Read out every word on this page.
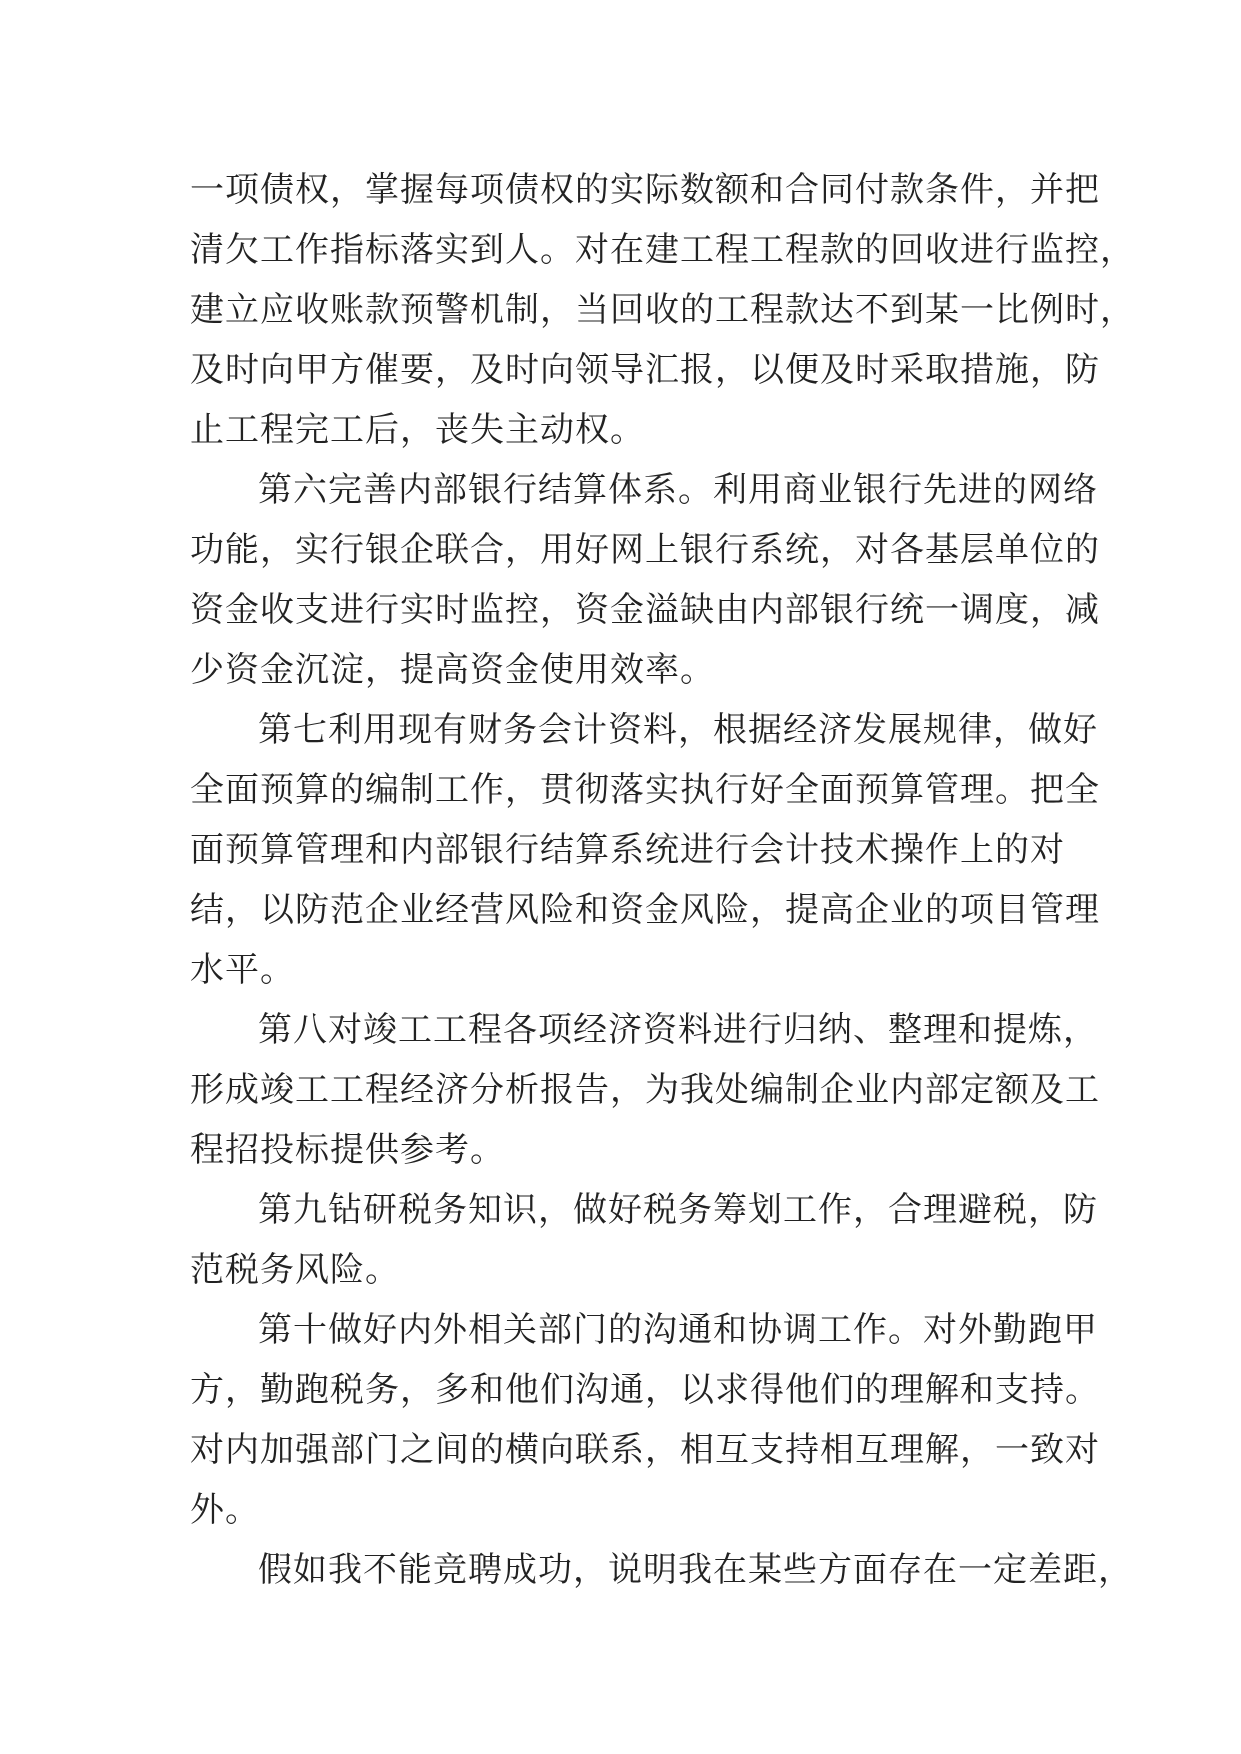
一项债权，掌握每项债权的实际数额和合同付款条件，并把
清欠工作指标落实到人。对在建工程工程款的回收进行监控，
建立应收账款预警机制，当回收的工程款达不到某一比例时，
及时向甲方催要，及时向领导汇报，以便及时采取措施，防
止工程完工后，丧失主动权。
第六完善内部银行结算体系。利用商业银行先进的网络
功能，实行银企联合，用好网上银行系统，对各基层单位的
资金收支进行实时监控，资金溢缺由内部银行统一调度，减
少资金沉淀，提高资金使用效率。
第七利用现有财务会计资料，根据经济发展规律，做好
全面预算的编制工作，贯彻落实执行好全面预算管理。把全
面预算管理和内部银行结算系统进行会计技术操作上的对
结，以防范企业经营风险和资金风险，提高企业的项目管理
水平。
第八对竣工工程各项经济资料进行归纳、整理和提炼，
形成竣工工程经济分析报告，为我处编制企业内部定额及工
程招投标提供参考。
第九钻研税务知识，做好税务筹划工作，合理避税，防
范税务风险。
第十做好内外相关部门的沟通和协调工作。对外勤跑甲
方，勤跑税务，多和他们沟通，以求得他们的理解和支持。
对内加强部门之间的横向联系，相互支持相互理解，一致对
外。
假如我不能竞聘成功，说明我在某些方面存在一定差距，
